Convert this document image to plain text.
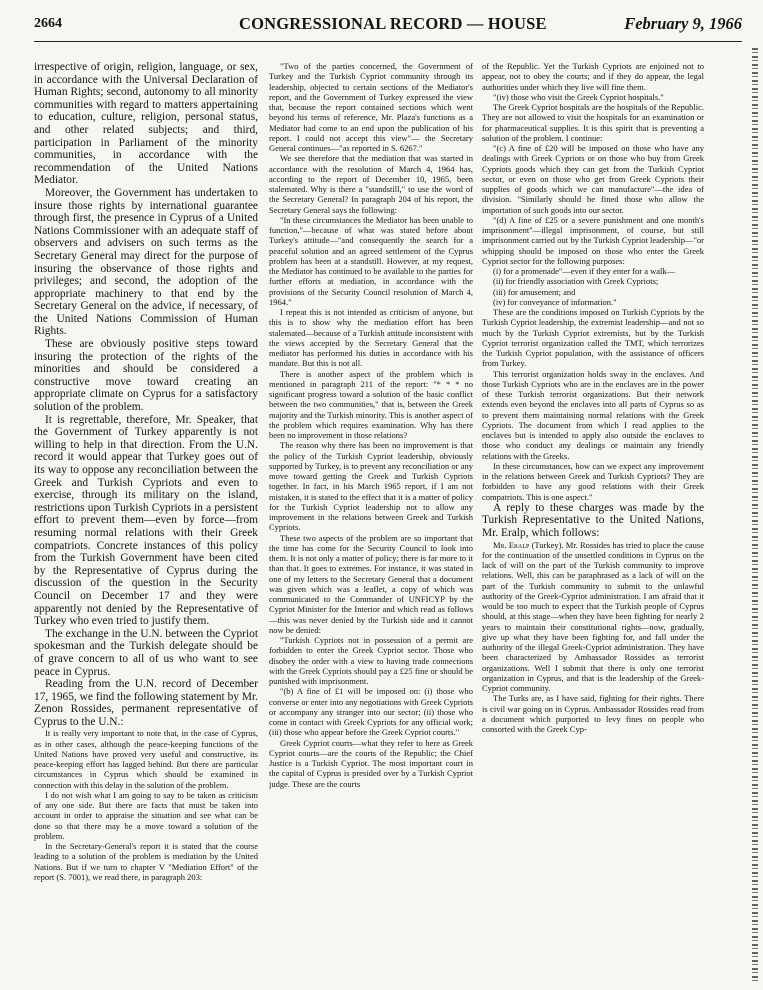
2664	CONGRESSIONAL RECORD — HOUSE	February 9, 1966

irrespective of origin, religion, language, or sex, in accordance with the Universal Declaration of Human Rights; second, autonomy to all minority communities with regard to matters appertaining to education, culture, religion, personal status, and other related subjects; and third, participation in Parliament of the minority communities, in accordance with the recommendation of the United Nations Mediator.

Moreover, the Government has undertaken to insure those rights by international guarantee through first, the presence in Cyprus of a United Nations Commissioner with an adequate staff of observers and advisers on such terms as the Secretary General may direct for the purpose of insuring the observance of those rights and privileges; and second, the adoption of the appropriate machinery to that end by the Secretary General on the advice, if necessary, of the United Nations Commission of Human Rights.

These are obviously positive steps toward insuring the protection of the rights of the minorities and should be considered a constructive move toward creating an appropriate climate on Cyprus for a satisfactory solution of the problem.

It is regrettable, therefore, Mr. Speaker, that the Government of Turkey apparently is not willing to help in that direction. From the U.N. record it would appear that Turkey goes out of its way to oppose any reconciliation between the Greek and Turkish Cypriots and even to exercise, through its military on the island, restrictions upon Turkish Cypriots in a persistent effort to prevent them—even by force—from resuming normal relations with their Greek compatriots. Concrete instances of this policy from the Turkish Government have been cited by the Representative of Cyprus during the discussion of the question in the Security Council on December 17 and they were apparently not denied by the Representative of Turkey who even tried to justify them.

The exchange in the U.N. between the Cypriot spokesman and the Turkish delegate should be of grave concern to all of us who want to see peace in Cyprus.

Reading from the U.N. record of December 17, 1965, we find the following statement by Mr. Zenon Rossides, permanent representative of Cyprus to the U.N.:

It is really very important to note that, in the case of Cyprus, as in other cases, although the peace-keeping functions of the United Nations have proved very useful and constructive, its peace-keeping effort has lagged behind. But there are particular circumstances in Cyprus which should be examined in connection with this delay in the solution of the problem.

I do not wish what I am going to say to be taken as criticism of any one side. But there are facts that must be taken into account in order to appraise the situation and see what can be done so that there may be a move toward a solution of the problem.

In the Secretary-General's report it is stated that the course leading to a solution of the problem is mediation by the United Nations. But if we turn to chapter V "Mediation Effort" of the report (S. 7001), we read there, in paragraph 203:

"Two of the parties concerned, the Government of Turkey and the Turkish Cypriot community through its leadership, objected to certain sections of the Mediator's report, and the Government of Turkey expressed the view that, because the report contained sections which went beyond his terms of reference, Mr. Plaza's functions as a Mediator had come to an end upon the publication of his report. I could not accept this view"— the Secretary General continues—"as reported in S. 6267."

We see therefore that the mediation that was started in accordance with the resolution of March 4, 1964 has, according to the report of December 10, 1965, been stalemated. Why is there a "standstill," to use the word of the Secretary General? In paragraph 204 of his report, the Secretary General says the following:

"In these circumstances the Mediator has been unable to function,"—because of what was stated before about Turkey's attitude—"and consequently the search for a peaceful solution and an agreed settlement of the Cyprus problem has been at a standstill. However, at my request, the Mediator has continued to be available to the parties for further efforts at mediation, in accordance with the provisions of the Security Council resolution of March 4, 1964."

I repeat this is not intended as criticism of anyone, but this is to show why the mediation effort has been stalemated—because of a Turkish attitude inconsistent with the views accepted by the Secretary General that the mediator has performed his duties in accordance with his mandate. But this is not all.

There is another aspect of the problem which is mentioned in paragraph 211 of the report: "* * * no significant progress toward a solution of the basic conflict between the two communities," that is, between the Greek majority and the Turkish minority. This is another aspect of the problem which requires examination. Why has there been no improvement in those relations?

The reason why there has been no improvement is that the policy of the Turkish Cypriot leadership, obviously supported by Turkey, is to prevent any reconciliation or any move toward getting the Greek and Turkish Cypriots together. In fact, in his March 1965 report, if I am not mistaken, it is stated to the effect that it is a matter of policy for the Turkish Cypriot leadership not to allow any improvement in the relations between Greek and Turkish Cypriots.

These two aspects of the problem are so important that the time has come for the Security Council to look into them. It is not only a matter of policy; there is far more to it than that. It goes to extremes. For instance, it was stated in one of my letters to the Secretary General that a document was given which was a leaflet, a copy of which was communicated to the Commander of UNFICYP by the Cypriot Minister for the Interior and which read as follows—this was never denied by the Turkish side and it cannot now be denied:

"Turkish Cypriots not in possession of a permit are forbidden to enter the Greek Cypriot sector. Those who disobey the order with a view to having trade connections with the Greek Cypriots should pay a £25 fine or should be punished with imprisonment.

"(b) A fine of £1 will be imposed on: (i) those who converse or enter into any negotiations with Greek Cypriots or accompany any stranger into our sector; (ii) those who come in contact with Greek Cypriots for any official work; (iii) those who appear before the Greek Cypriot courts."

Greek Cypriot courts—what they refer to here as Greek Cypriot courts—are the courts of the Republic; the Chief Justice is a Turkish Cypriot. The most important court in the capital of Cyprus is presided over by a Turkish Cypriot judge. These are the courts

of the Republic. Yet the Turkish Cypriots are enjoined not to appear, not to obey the courts; and if they do appear, the legal authorities under which they live will fine them.

"(iv) those who visit the Greek Cypriot hospitals."

The Greek Cypriot hospitals are the hospitals of the Republic. They are not allowed to visit the hospitals for an examination or for pharmaceutical supplies. It is this spirit that is preventing a solution of the problem. I continue:

"(c) A fine of £20 will be imposed on those who have any dealings with Greek Cypriots or on those who buy from Greek Cypriots goods which they can get from the Turkish Cypriot sector, or even on those who get from Greek Cypriots their supplies of goods which we can manufacture"—the idea of division. "Similarly should be fined those who allow the importation of such goods into our sector.

"(d) A fine of £25 or a severe punishment and one month's imprisonment"—illegal imprisonment, of course, but still imprisonment carried out by the Turkish Cypriot leadership—"or whipping should be imposed on those who enter the Greek Cypriot sector for the following purposes:

(i) for a promenade"—even if they enter for a walk—

(ii) for friendly association with Greek Cypriots;

(iii) for amusement; and

(iv) for conveyance of information."

These are the conditions imposed on Turkish Cypriots by the Turkish Cypriot leadership, the extremist leadership—and not so much by the Turkish Cypriot extremists, but by the Turkish Cypriot terrorist organization called the TMT, which terrorizes the Turkish Cypriot population, with the assistance of officers from Turkey.

This terrorist organization holds sway in the enclaves. And those Turkish Cypriots who are in the enclaves are in the power of these Turkish terrorist organizations. But their network extends even beyond the enclaves into all parts of Cyprus so as to prevent them maintaining normal relations with the Greek Cypriots. The document from which I read applies to the enclaves but is intended to apply also outside the enclaves to those who conduct any dealings or maintain any friendly relations with the Greeks.

In these circumstances, how can we expect any improvement in the relations between Greek and Turkish Cypriots? They are forbidden to have any good relations with their Greek compatriots. This is one aspect."

A reply to these charges was made by the Turkish Representative to the United Nations, Mr. Eralp, which follows:

Mr. Eralp (Turkey). Mr. Rossides has tried to place the cause for the continuation of the unsettled conditions in Cyprus on the lack of will on the part of the Turkish community to improve relations. Well, this can be paraphrased as a lack of will on the part of the Turkish community to submit to the unlawful authority of the Greek-Cypriot administration. I am afraid that it would be too much to expect that the Turkish people of Cyprus should, at this stage—when they have been fighting for nearly 2 years to maintain their constitutional rights—now, gradually, give up what they have been fighting for, and fall under the authority of the illegal Greek-Cypriot administration. They have been characterized by Ambassador Rossides as terrorist organizations. Well I submit that there is only one terrorist organization in Cyprus, and that is the leadership of the Greek-Cypriot community.

The Turks are, as I have said, fighting for their rights. There is civil war going on in Cyprus. Ambassador Rossides read from a document which purported to levy fines on people who consorted with the Greek Cyp-
